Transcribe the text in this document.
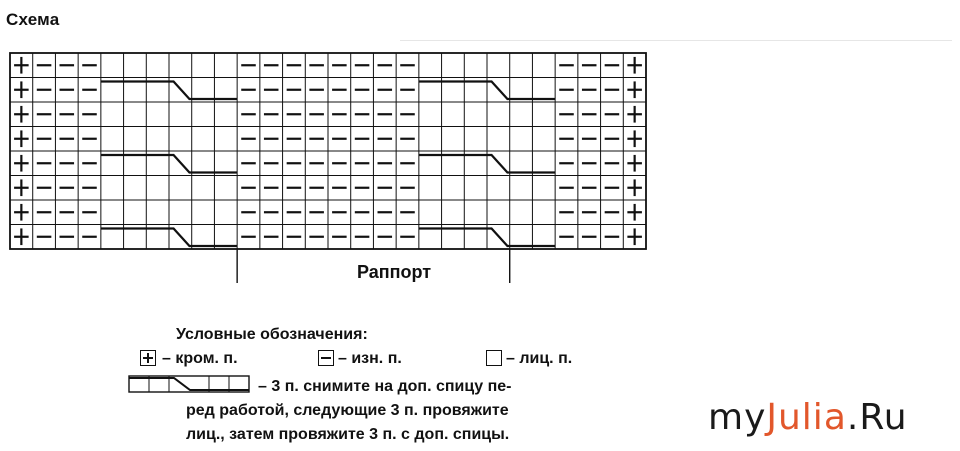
Схема
Раппорт
Условные обозначения:
– кром. п.	– изн. п.	– лиц. п.
– 3 п. снимите на доп. спицу пе-
ред работой, следующие 3 п. провяжите
лиц., затем провяжите 3 п. с доп. спицы.	myJulia.Ru
